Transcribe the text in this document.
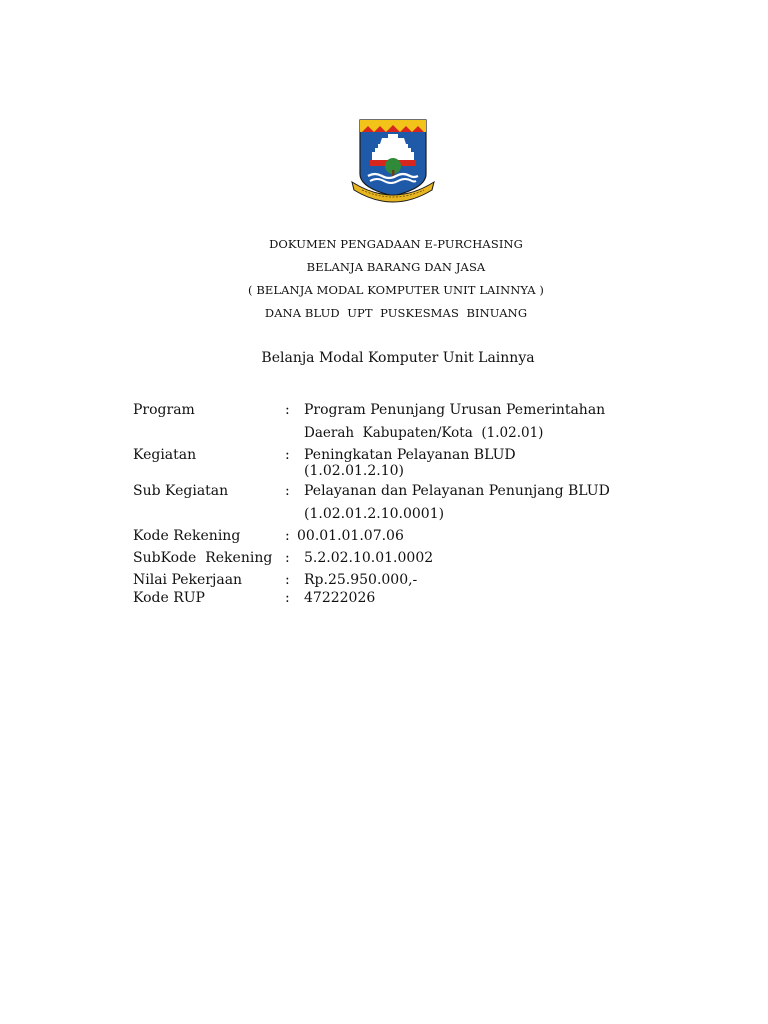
DOKUMEN PENGADAAN E-PURCHASING
BELANJA BARANG DAN JASA
( BELANJA MODAL KOMPUTER UNIT LAINNYA )
DANA BLUD  UPT  PUSKESMAS  BINUANG
Belanja Modal Komputer Unit Lainnya
Program	: Program Penunjang Urusan Pemerintahan
Daerah  Kabupaten/Kota  (1.02.01)
Kegiatan	: Peningkatan Pelayanan BLUD
(1.02.01.2.10)
Sub Kegiatan	: Pelayanan dan Pelayanan Penunjang BLUD
(1.02.01.2.10.0001)
Kode Rekening	: 00.01.01.07.06
SubKode  Rekening : 5.2.02.10.01.0002
Nilai Pekerjaan	: Rp.25.950.000,-
Kode RUP	: 47222026
